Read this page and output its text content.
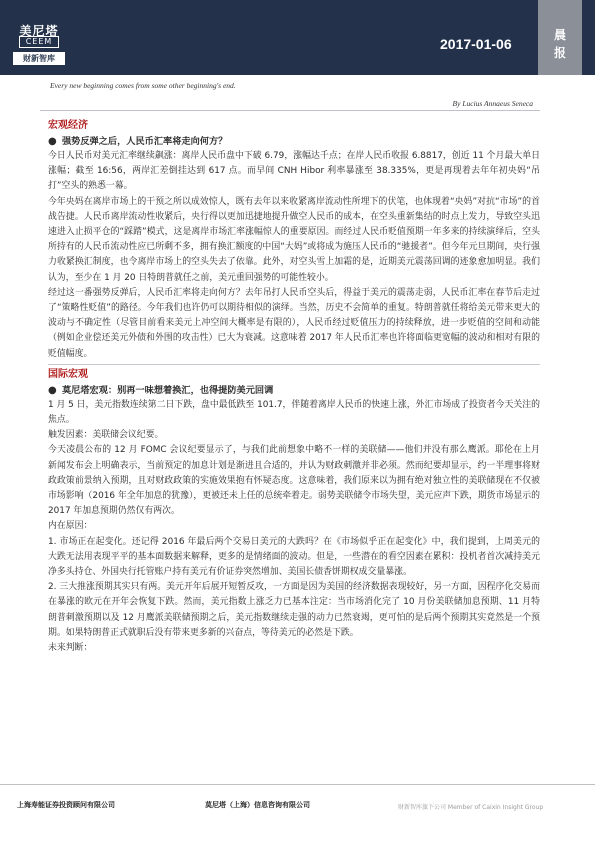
美尼塔
CEEM
财新智库
2017-01-06
晨
报
Every new beginning comes from some other beginning's end.
By Lucius Annaeus Seneca
宏观经济
● 强势反弹之后，人民币汇率将走向何方？
今日人民币对美元汇率继续飙涨：离岸人民币盘中下破 6.79，涨幅达千点；在岸人民币收报 6.8817，创近 11 个月最大单日涨幅；截至 16:56，两岸汇差倒挂达到 617 点。而早间 CNH Hibor 利率暴涨至 38.335%，更是再现着去年年初央妈“吊打”空头的熟悉一幕。
今年央妈在离岸市场上的干预之所以成效惊人，既有去年以来收紧离岸流动性所埋下的伏笔，也体现着“央妈”对抗“市场”的首战告捷。人民币离岸流动性收紧后，央行得以更加迅捷地提升做空人民币的成本，在空头重新集结的时点上发力，导致空头迅速进入止损平仓的“踩踏”模式，这是离岸市场汇率涨幅惊人的重要原因。而经过人民币贬值预期一年多来的持续演绎后，空头所持有的人民币流动性应已所剩不多，拥有换汇额度的中国“大妈”或将成为施压人民币的“驰援者”。但今年元旦期间，央行强力收紧换汇制度，也令离岸市场上的空头失去了依靠。此外，对空头雪上加霜的是，近期美元震荡回调的迹象愈加明显。我们认为，至少在 1 月 20 日特朗普就任之前，美元重回强势的可能性较小。
经过这一番强势反弹后，人民币汇率将走向何方？去年吊打人民币空头后，得益于美元的震荡走弱，人民币汇率在春节后走过了“策略性贬值”的路径。今年我们也许仍可以期待相似的演绎。当然，历史不会简单的重复。特朗普就任将给美元带来更大的波动与不确定性（尽管目前看来美元上冲空间大概率是有限的），人民币经过贬值压力的持续释放，进一步贬值的空间和动能（例如企业偿还美元外债和外围的攻击性）已大为衰减。这意味着 2017 年人民币汇率也许将面临更宽幅的波动和相对有限的贬值幅度。
国际宏观
● 莫尼塔宏观：别再一味想着换汇，也得提防美元回调
1 月 5 日，美元指数连续第二日下跌，盘中最低跌至 101.7，伴随着离岸人民币的快速上涨，外汇市场成了投资者今天关注的焦点。
触发因素：美联储会议纪要。
今天凌晨公布的 12 月 FOMC 会议纪要显示了，与我们此前想象中略不一样的美联储——他们并没有那么鹰派。耶伦在上月新闻发布会上明确表示，当前预定的加息计划是渐进且合适的，并认为财政刺激并非必须。然而纪要却显示，约一半理事将财政政策前景纳入预期，且对财政政策的实施效果抱有怀疑态度。这意味着，我们原来以为拥有绝对独立性的美联储现在不仅被市场影响（2016 年全年加息的犹豫），更被还未上任的总统牵着走。弱势美联储令市场失望，美元应声下跌，期货市场显示的 2017 年加息预期仍然仅有两次。
内在原因：
1. 市场正在起变化。还记得 2016 年最后两个交易日美元的大跌吗？在《市场似乎正在起变化》中，我们提到，上周美元的大跌无法用表现平平的基本面数据来解释，更多的是情绪面的波动。但是，一些潜在的看空因素在累积：投机者首次减持美元净多头持仓、外国央行托管账户持有美元有价证券突然增加、美国长债香饼期权成交量暴涨。
2. 三大推涨预期其实只有两。美元开年后展开短暂反攻，一方面是因为美国的经济数据表现较好，另一方面，因程序化交易而在暴涨的欧元在开年会恢复下跌。然而，美元指数上涨乏力已基本注定：当市场消化完了 10 月份美联储加息预期、11 月特朗普刺激预期以及 12 月鹰派美联储预期之后，美元指数继续走强的动力已然衰竭，更可怕的是后两个预期其实竟然是一个预期。如果特朗普正式就职后没有带来更多新的兴奋点，等待美元的必然是下跌。
未来判断：
上海寿能证券投资顾问有限公司	莫尼塔（上海）信息咨询有限公司	财新智库旗下公司 Member of Caixin Insight Group
